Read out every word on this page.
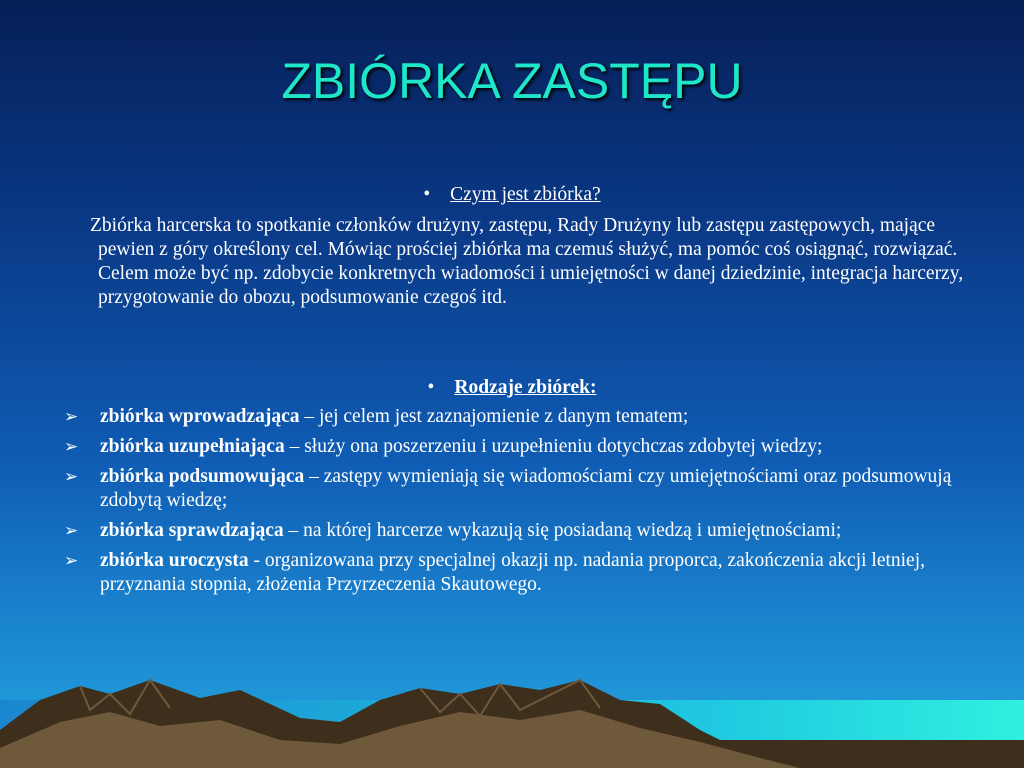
ZBIÓRKA ZASTĘPU
• Czym jest zbiórka?

Zbiórka harcerska to spotkanie członków drużyny, zastępu, Rady Drużyny lub zastępu zastępowych, mające pewien z góry określony cel. Mówiąc prościej zbiórka ma czemuś służyć, ma pomóc coś osiągnąć, rozwiązać. Celem może być np. zdobycie konkretnych wiadomości i umiejętności w danej dziedzinie, integracja harcerzy, przygotowanie do obozu, podsumowanie czegoś itd.

• Rodzaje zbiórek:
➢ zbiórka wprowadzająca – jej celem jest zaznajomienie z danym tematem;
➢ zbiórka uzupełniająca – służy ona poszerzeniu i uzupełnieniu dotychczas zdobytej wiedzy;
➢ zbiórka podsumowująca – zastępy wymieniają się wiadomościami czy umiejętnościami oraz podsumowują zdobytą wiedzę;
➢ zbiórka sprawdzająca – na której harcerze wykazują się posiadaną wiedzą i umiejętnościami;
➢ zbiórka uroczysta - organizowana przy specjalnej okazji np. nadania proporca, zakończenia akcji letniej, przyznania stopnia, złożenia Przyrzeczenia Skautowego.
